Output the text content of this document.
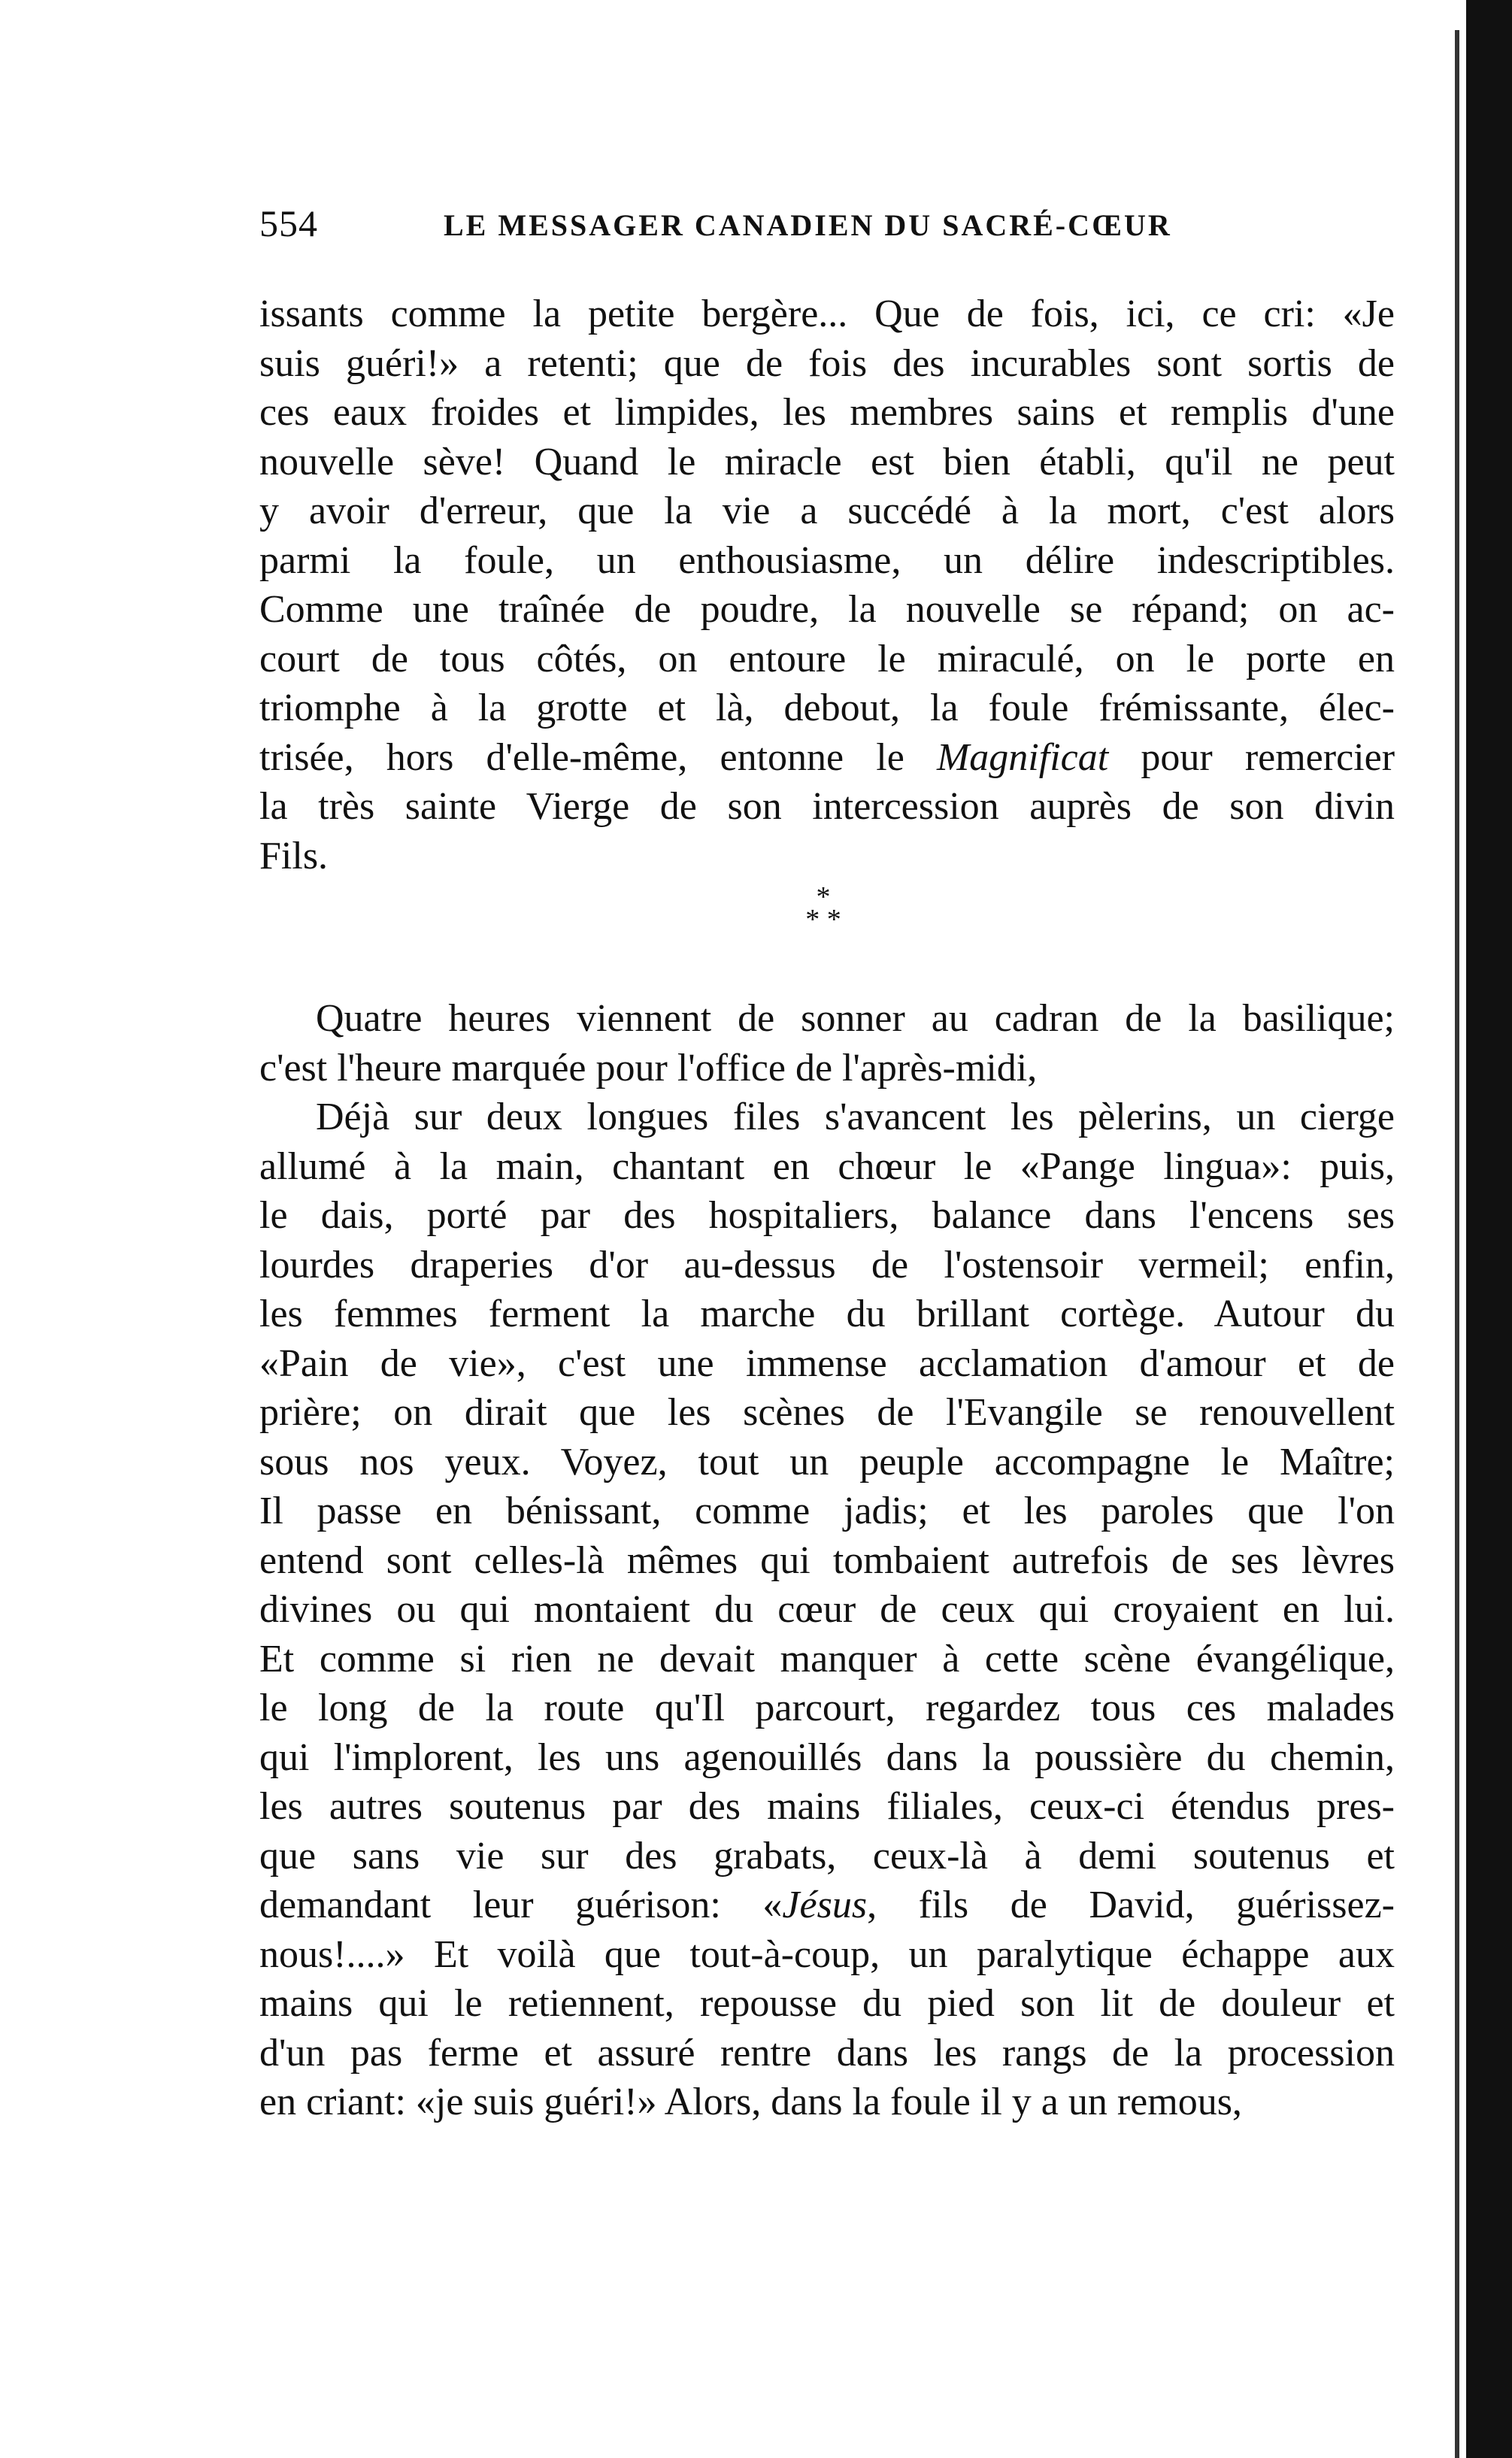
554	LE MESSAGER CANADIEN DU SACRÉ-CŒUR
issants comme la petite bergère... Que de fois, ici, ce cri: «Je
suis guéri!» a retenti; que de fois des incurables sont sortis de
ces eaux froides et limpides, les membres sains et remplis d'une
nouvelle sève! Quand le miracle est bien établi, qu'il ne peut
y avoir d'erreur, que la vie a succédé à la mort, c'est alors
parmi la foule, un enthousiasme, un délire indescriptibles.
Comme une traînée de poudre, la nouvelle se répand; on ac-
court de tous côtés, on entoure le miraculé, on le porte en
triomphe à la grotte et là, debout, la foule frémissante, élec-
trisée, hors d'elle-même, entonne le Magnificat pour remercier
la très sainte Vierge de son intercession auprès de son divin
Fils.
*
* *
Quatre heures viennent de sonner au cadran de la basilique;
c'est l'heure marquée pour l'office de l'après-midi,
Déjà sur deux longues files s'avancent les pèlerins, un cierge
allumé à la main, chantant en chœur le «Pange lingua»: puis,
le dais, porté par des hospitaliers, balance dans l'encens ses
lourdes draperies d'or au-dessus de l'ostensoir vermeil; enfin,
les femmes ferment la marche du brillant cortège. Autour du
«Pain de vie», c'est une immense acclamation d'amour et de
prière; on dirait que les scènes de l'Evangile se renouvellent
sous nos yeux. Voyez, tout un peuple accompagne le Maître;
Il passe en bénissant, comme jadis; et les paroles que l'on
entend sont celles-là mêmes qui tombaient autrefois de ses lèvres
divines ou qui montaient du cœur de ceux qui croyaient en lui.
Et comme si rien ne devait manquer à cette scène évangélique,
le long de la route qu'Il parcourt, regardez tous ces malades
qui l'implorent, les uns agenouillés dans la poussière du chemin,
les autres soutenus par des mains filiales, ceux-ci étendus pres-
que sans vie sur des grabats, ceux-là à demi soutenus et
demandant leur guérison: «Jésus, fils de David, guérissez-
nous!....» Et voilà que tout-à-coup, un paralytique échappe aux
mains qui le retiennent, repousse du pied son lit de douleur et
d'un pas ferme et assuré rentre dans les rangs de la procession
en criant: «je suis guéri!» Alors, dans la foule il y a un remous,
